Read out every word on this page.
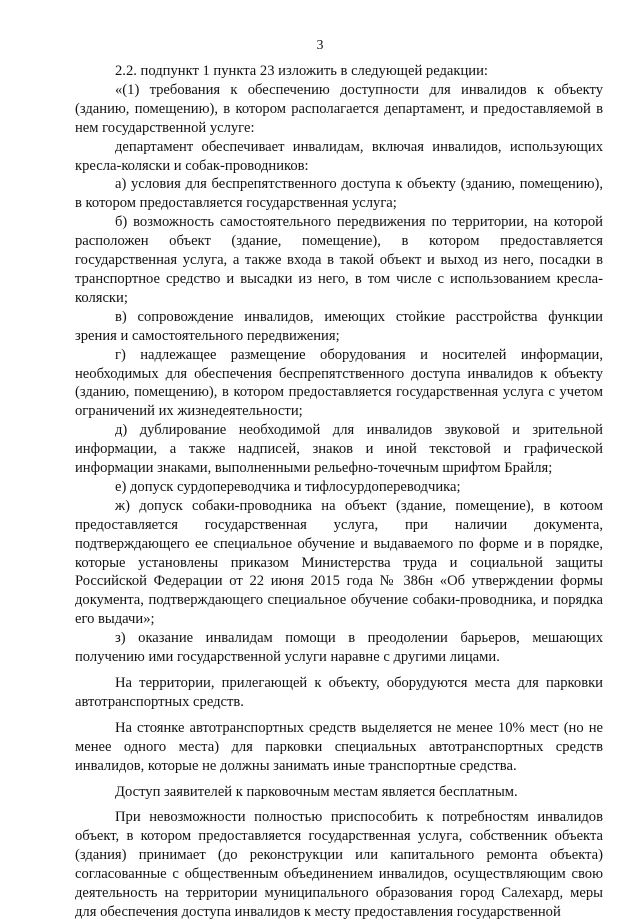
3

2.2. подпункт 1 пункта 23 изложить в следующей редакции:

«(1) требования к обеспечению доступности для инвалидов к объекту (зданию, помещению), в котором располагается департамент, и предоставляемой в нем государственной услуге:

департамент обеспечивает инвалидам, включая инвалидов, использующих кресла-коляски и собак-проводников:

а) условия для беспрепятственного доступа к объекту (зданию, помещению), в котором предоставляется государственная услуга;

б) возможность самостоятельного передвижения по территории, на которой расположен объект (здание, помещение), в котором предоставляется государственная услуга, а также входа в такой объект и выход из него, посадки в транспортное средство и высадки из него, в том числе с использованием кресла-коляски;

в) сопровождение инвалидов, имеющих стойкие расстройства функции зрения и самостоятельного передвижения;

г) надлежащее размещение оборудования и носителей информации, необходимых для обеспечения беспрепятственного доступа инвалидов к объекту (зданию, помещению), в котором предоставляется государственная услуга с учетом ограничений их жизнедеятельности;

д) дублирование необходимой для инвалидов звуковой и зрительной информации, а также надписей, знаков и иной текстовой и графической информации знаками, выполненными рельефно-точечным шрифтом Брайля;

е) допуск сурдопереводчика и тифлосурдопереводчика;

ж) допуск собаки-проводника на объект (здание, помещение), в котоом предоставляется государственная услуга, при наличии документа, подтверждающего ее специальное обучение и выдаваемого по форме и в порядке, которые установлены приказом Министерства труда и социальной защиты Российской Федерации от 22 июня 2015 года № 386н «Об утверждении формы документа, подтверждающего специальное обучение собаки-проводника, и порядка его выдачи»;

з) оказание инвалидам помощи в преодолении барьеров, мешающих получению ими государственной услуги наравне с другими лицами.

На территории, прилегающей к объекту, оборудуются места для парковки автотранспортных средств.

На стоянке автотранспортных средств выделяется не менее 10% мест (но не менее одного места) для парковки специальных автотранспортных средств инвалидов, которые не должны занимать иные транспортные средства.

Доступ заявителей к парковочным местам является бесплатным.

При невозможности полностью приспособить к потребностям инвалидов объект, в котором предоставляется государственная услуга, собственник объекта (здания) принимает (до реконструкции или капитального ремонта объекта) согласованные с общественным объединением инвалидов, осуществляющим свою деятельность на территории муниципального образования город Салехард, меры для обеспечения доступа инвалидов к месту предоставления государственной
